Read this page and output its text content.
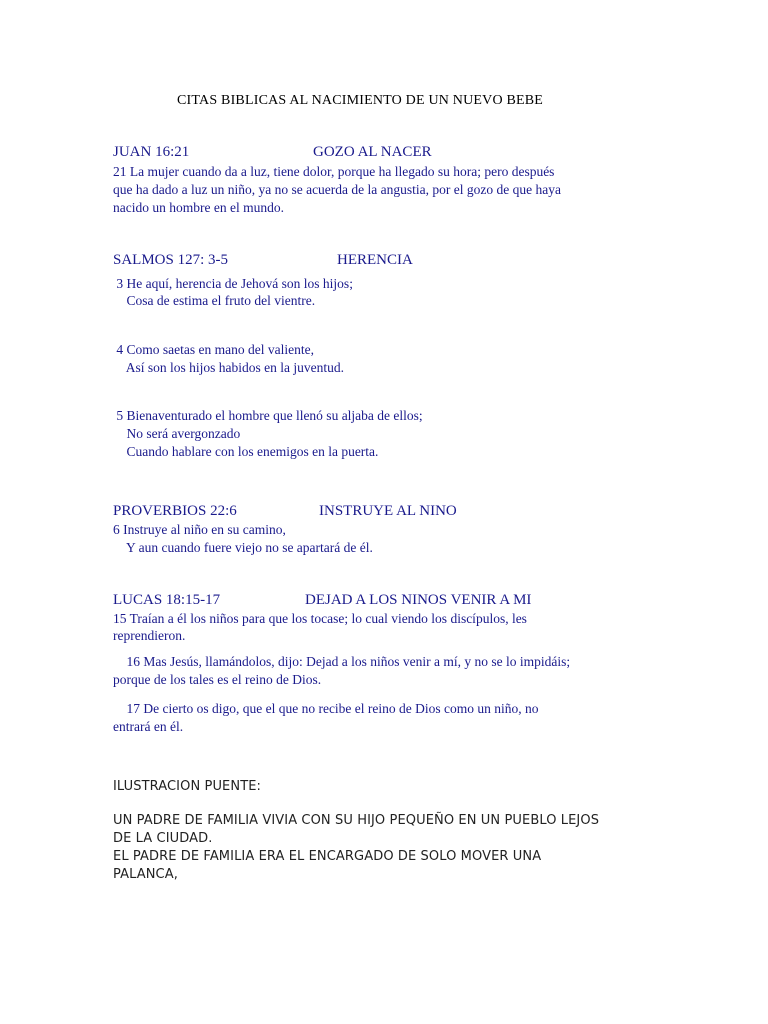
CITAS BIBLICAS AL NACIMIENTO DE UN NUEVO BEBE
JUAN 16:21	GOZO AL NACER
21 La mujer cuando da a luz, tiene dolor, porque ha llegado su hora; pero después
que ha dado a luz un niño, ya no se acuerda de la angustia, por el gozo de que haya
nacido un hombre en el mundo.
SALMOS 127: 3-5	HERENCIA
3 He aquí, herencia de Jehová son los hijos;
Cosa de estima el fruto del vientre.
4 Como saetas en mano del valiente,
Así son los hijos habidos en la juventud.
5 Bienaventurado el hombre que llenó su aljaba de ellos;
No será avergonzado
Cuando hablare con los enemigos en la puerta.
PROVERBIOS 22:6	INSTRUYE AL NINO
6 Instruye al niño en su camino,
Y aun cuando fuere viejo no se apartará de él.
LUCAS 18:15-17	DEJAD A LOS NINOS VENIR A MI
15 Traían a él los niños para que los tocase; lo cual viendo los discípulos, les
reprendieron.
16 Mas Jesús, llamándolos, dijo: Dejad a los niños venir a mí, y no se lo impidáis;
porque de los tales es el reino de Dios.
17 De cierto os digo, que el que no recibe el reino de Dios como un niño, no
entrará en él.
ILUSTRACION PUENTE:
UN PADRE DE FAMILIA VIVIA CON SU HIJO PEQUEÑO EN UN PUEBLO LEJOS
DE LA CIUDAD.
EL PADRE DE FAMILIA ERA EL ENCARGADO DE SOLO MOVER UNA
PALANCA,
